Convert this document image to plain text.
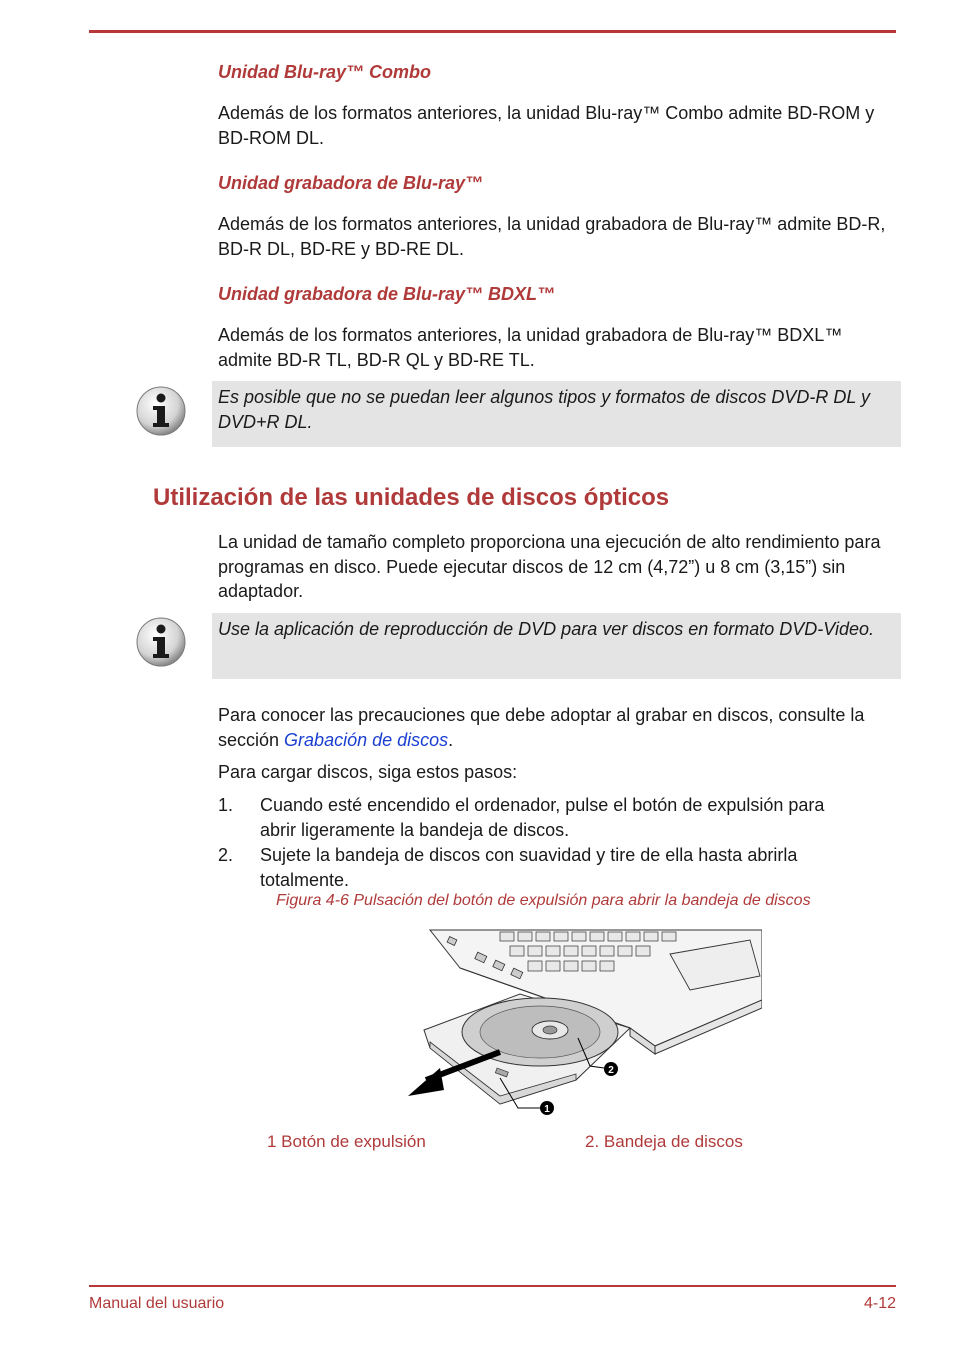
Unidad Blu-ray™ Combo

Además de los formatos anteriores, la unidad Blu-ray™ Combo admite BD-ROM y BD-ROM DL.

Unidad grabadora de Blu-ray™

Además de los formatos anteriores, la unidad grabadora de Blu-ray™ admite BD-R, BD-R DL, BD-RE y BD-RE DL.

Unidad grabadora de Blu-ray™ BDXL™

Además de los formatos anteriores, la unidad grabadora de Blu-ray™ BDXL™ admite BD-R TL, BD-R QL y BD-RE TL.

Es posible que no se puedan leer algunos tipos y formatos de discos DVD-R DL y DVD+R DL.
Utilización de las unidades de discos ópticos

La unidad de tamaño completo proporciona una ejecución de alto rendimiento para programas en disco. Puede ejecutar discos de 12 cm (4,72”) u 8 cm (3,15”) sin adaptador.

Use la aplicación de reproducción de DVD para ver discos en formato DVD-Video.

Para conocer las precauciones que debe adoptar al grabar en discos, consulte la sección Grabación de discos.

Para cargar discos, siga estos pasos:

1. Cuando esté encendido el ordenador, pulse el botón de expulsión para abrir ligeramente la bandeja de discos.
2. Sujete la bandeja de discos con suavidad y tire de ella hasta abrirla totalmente.
Figura 4-6 Pulsación del botón de expulsión para abrir la bandeja de discos
2
1
1 Botón de expulsión	2. Bandeja de discos
Manual del usuario	4-12
